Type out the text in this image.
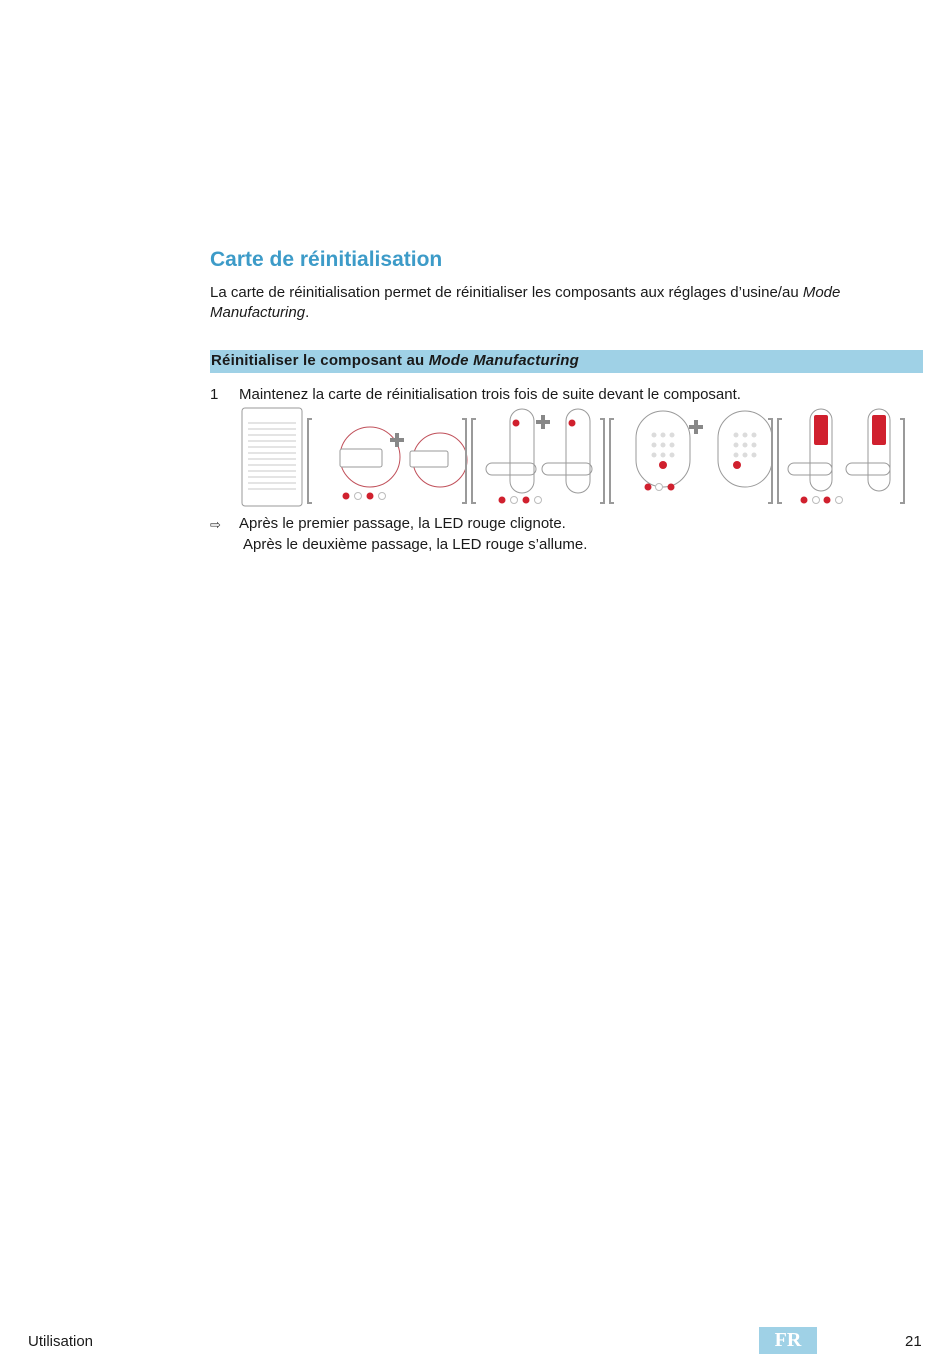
Carte de réinitialisation
La carte de réinitialisation permet de réinitialiser les composants aux réglages d’usine/au Mode
Manufacturing.
Réinitialiser le composant au Mode Manufacturing
1 Maintenez la carte de réinitialisation trois fois de suite devant le composant.
⇨ Après le premier passage, la LED rouge clignote.
Après le deuxième passage, la LED rouge s’allume.
Utilisation	FR	21
